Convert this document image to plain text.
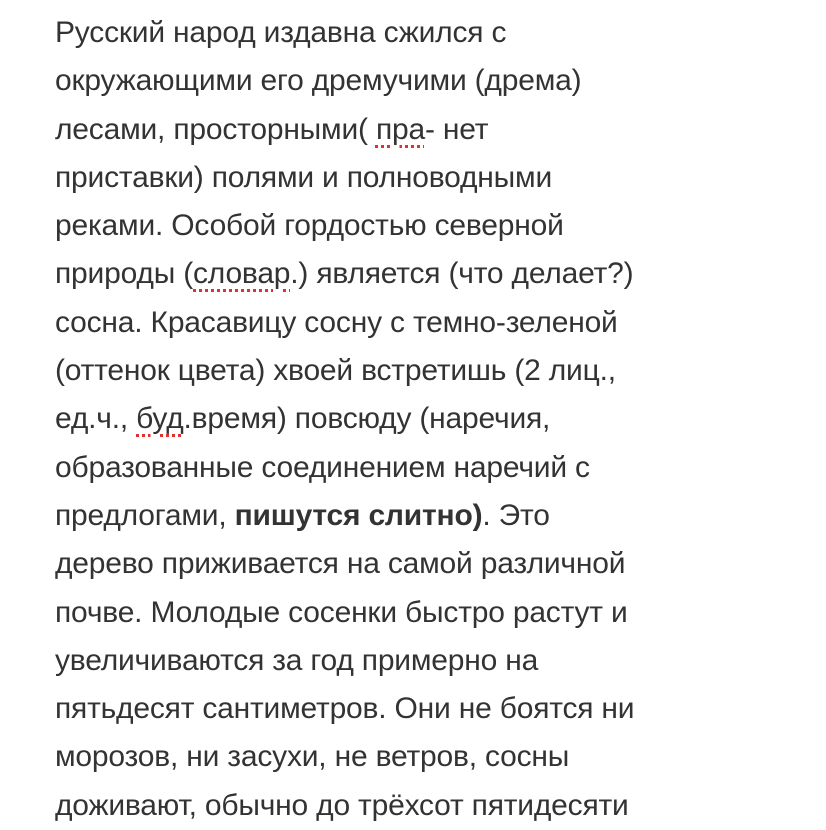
Русский народ издавна сжился с
окружающими его дремучими (дрема)
лесами, просторными( пра- нет
приставки) полями и полноводными
реками. Особой гордостью северной
природы (словар.) является (что делает?)
сосна. Красавицу сосну с темно-зеленой
(оттенок цвета) хвоей встретишь (2 лиц.,
ед.ч., буд.время) повсюду (наречия,
образованные соединением наречий с
предлогами, пишутся слитно). Это
дерево приживается на самой различной
почве. Молодые сосенки быстро растут и
увеличиваются за год примерно на
пятьдесят сантиметров. Они не боятся ни
морозов, ни засухи, не ветров, сосны
доживают, обычно до трёхсот пятидесяти
